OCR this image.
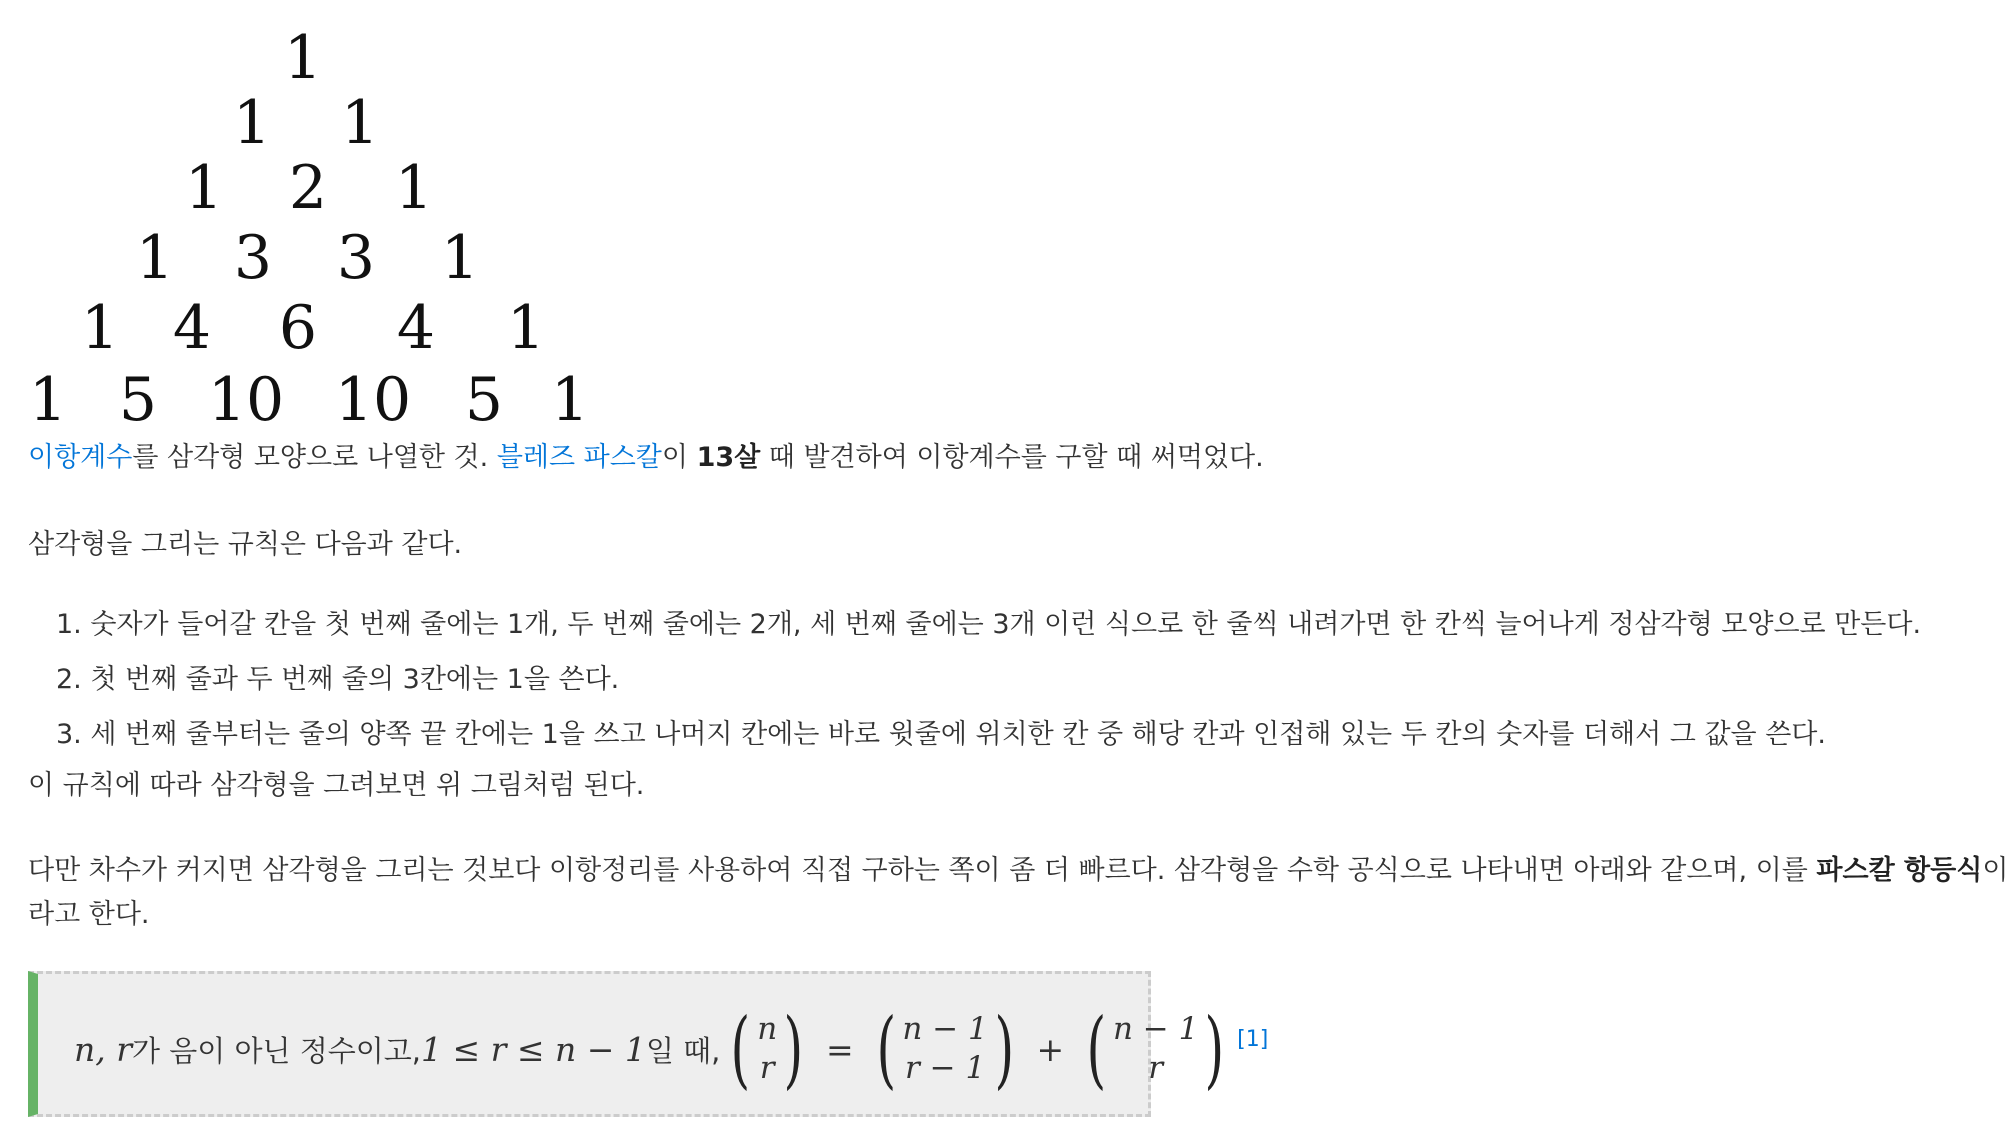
1
1 1
1 2 1
1 3 3 1
1 4 6 4 1
1 5 10 10 5 1
이항계수를 삼각형 모양으로 나열한 것. 블레즈 파스칼이 13살 때 발견하여 이항계수를 구할 때 써먹었다.
삼각형을 그리는 규칙은 다음과 같다.
1. 숫자가 들어갈 칸을 첫 번째 줄에는 1개, 두 번째 줄에는 2개, 세 번째 줄에는 3개 이런 식으로 한 줄씩 내려가면 한 칸씩 늘어나게 정삼각형 모양으로 만든다.
2. 첫 번째 줄과 두 번째 줄의 3칸에는 1을 쓴다.
3. 세 번째 줄부터는 줄의 양쪽 끝 칸에는 1을 쓰고 나머지 칸에는 바로 윗줄에 위치한 칸 중 해당 칸과 인접해 있는 두 칸의 숫자를 더해서 그 값을 쓴다.
이 규칙에 따라 삼각형을 그려보면 위 그림처럼 된다.
다만 차수가 커지면 삼각형을 그리는 것보다 이항정리를 사용하여 직접 구하는 쪽이 좀 더 빠르다. 삼각형을 수학 공식으로 나타내면 아래와 같으며, 이를 파스칼 항등식이
라고 한다.
n, r 가 음이 아닌 정수이고, 1 ≤ r ≤ n − 1 일 때, ( n
r ) = ( n − 1
r − 1 ) + ( n − 1
r ) [1]
